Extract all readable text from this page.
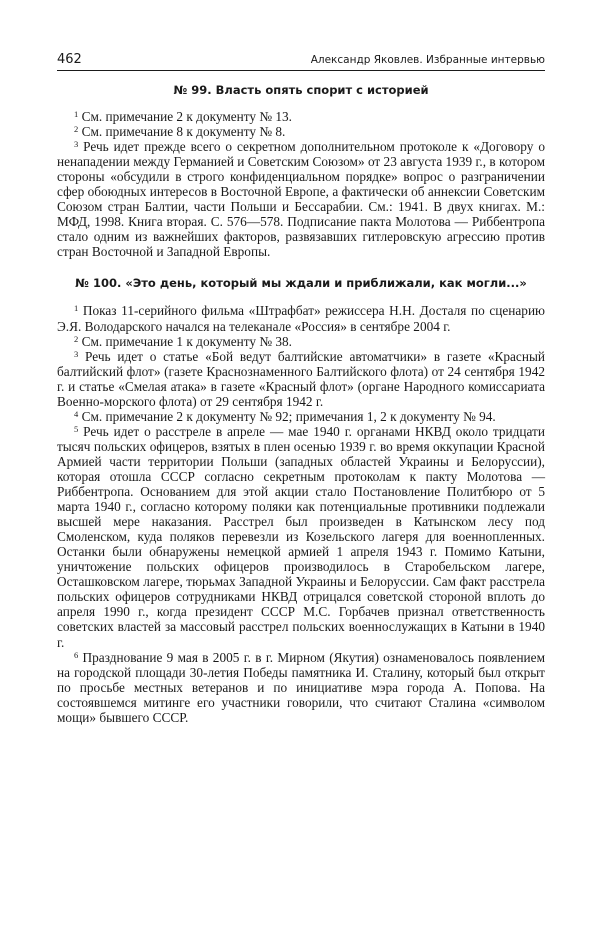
462	Александр Яковлев. Избранные интервью
№ 99. Власть опять спорит с историей

$^1$ См. примечание 2 к документу № 13.

$^2$ См. примечание 8 к документу № 8.

$^3$ Речь идет прежде всего о секретном дополнительном протоколе к «Договору о ненападении между Германией и Советским Союзом» от 23 августа 1939 г., в котором стороны «обсудили в строго конфиденциальном порядке» вопрос о разграничении сфер обоюдных интересов в Восточной Европе, а фактически об аннексии Советским Союзом стран Балтии, части Польши и Бессарабии. См.: 1941. В двух книгах. М.: МФД, 1998. Книга вторая. С. 576—578. Подписание пакта Молотова — Риббентропа стало одним из важнейших факторов, развязавших гитлеровскую агрессию против стран Восточной и Западной Европы.

№ 100. «Это день, который мы ждали и приближали, как могли...»

$^1$ Показ 11-серийного фильма «Штрафбат» режиссера Н.Н. Досталя по сценарию Э.Я. Володарского начался на телеканале «Россия» в сентябре 2004 г.

$^2$ См. примечание 1 к документу № 38.

$^3$ Речь идет о статье «Бой ведут балтийские автоматчики» в газете «Красный балтийский флот» (газете Краснознаменного Балтийского флота) от 24 сентября 1942 г. и статье «Смелая атака» в газете «Красный флот» (органе Народного комиссариата Военно-морского флота) от 29 сентября 1942 г.

$^4$ См. примечание 2 к документу № 92; примечания 1, 2 к документу № 94.

$^5$ Речь идет о расстреле в апреле — мае 1940 г. органами НКВД около тридцати тысяч польских офицеров, взятых в плен осенью 1939 г. во время оккупации Красной Армией части территории Польши (западных областей Украины и Белоруссии), которая отошла СССР согласно секретным протоколам к пакту Молотова — Риббентропа. Основанием для этой акции стало Постановление Политбюро от 5 марта 1940 г., согласно которому поляки как потенциальные противники подлежали высшей мере наказания. Расстрел был произведен в Катынском лесу под Смоленском, куда поляков перевезли из Козельского лагеря для военнопленных. Останки были обнаружены немецкой армией 1 апреля 1943 г. Помимо Катыни, уничтожение польских офицеров производилось в Старобельском лагере, Осташковском лагере, тюрьмах Западной Украины и Белоруссии. Сам факт расстрела польских офицеров сотрудниками НКВД отрицался советской стороной вплоть до апреля 1990 г., когда президент СССР М.С. Горбачев признал ответственность советских властей за массовый расстрел польских военнослужащих в Катыни в 1940 г.

$^6$ Празднование 9 мая в 2005 г. в г. Мирном (Якутия) ознаменовалось появлением на городской площади 30-летия Победы памятника И. Сталину, который был открыт по просьбе местных ветеранов и по инициативе мэра города А. Попова. На состоявшемся митинге его участники говорили, что считают Сталина «символом мощи» бывшего СССР.
